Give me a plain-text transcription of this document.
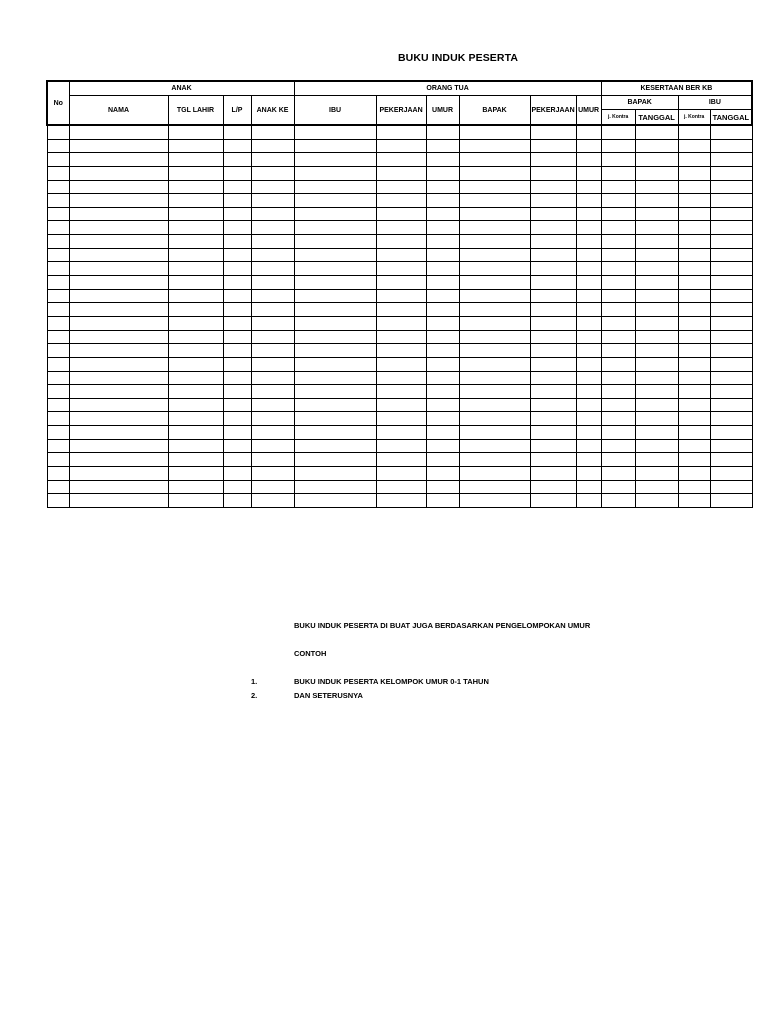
BUKU INDUK PESERTA
No	ANAK				ORANG TUA						KESERTAAN BER KB			
	NAMA	TGL LAHIR	L/P	ANAK KE	IBU	PEKERJAAN	UMUR	BAPAK	PEKERJAAN	UMUR	BAPAK		IBU	
											j. Kontra	TANGGAL	j. Kontra	TANGGAL

BUKU INDUK PESERTA DI BUAT JUGA BERDASARKAN PENGELOMPOKAN UMUR
CONTOH
1.	BUKU INDUK PESERTA KELOMPOK UMUR 0-1 TAHUN
2.	DAN SETERUSNYA
